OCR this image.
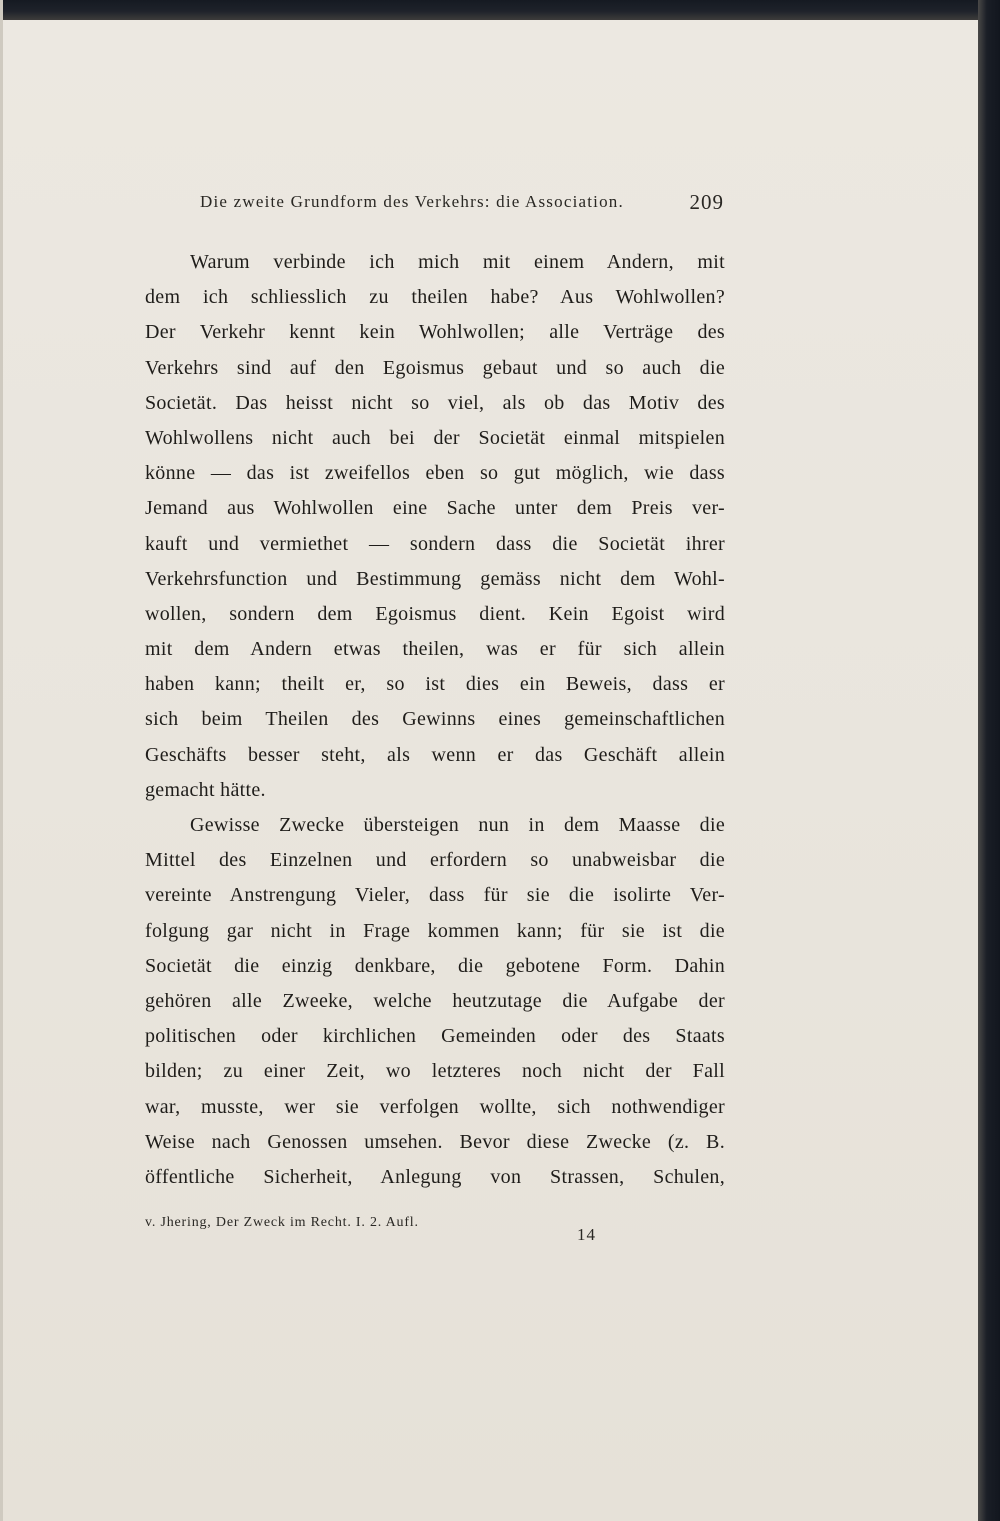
Die zweite Grundform des Verkehrs: die Association.	209
Warum verbinde ich mich mit einem Andern, mit
dem ich schliesslich zu theilen habe? Aus Wohlwollen?
Der Verkehr kennt kein Wohlwollen; alle Verträge des
Verkehrs sind auf den Egoismus gebaut und so auch die
Societät. Das heisst nicht so viel, als ob das Motiv des
Wohlwollens nicht auch bei der Societät einmal mitspielen
könne — das ist zweifellos eben so gut möglich, wie dass
Jemand aus Wohlwollen eine Sache unter dem Preis ver-
kauft und vermiethet — sondern dass die Societät ihrer
Verkehrsfunction und Bestimmung gemäss nicht dem Wohl-
wollen, sondern dem Egoismus dient. Kein Egoist wird
mit dem Andern etwas theilen, was er für sich allein
haben kann; theilt er, so ist dies ein Beweis, dass er
sich beim Theilen des Gewinns eines gemeinschaftlichen
Geschäfts besser steht, als wenn er das Geschäft allein
gemacht hätte.
Gewisse Zwecke übersteigen nun in dem Maasse die
Mittel des Einzelnen und erfordern so unabweisbar die
vereinte Anstrengung Vieler, dass für sie die isolirte Ver-
folgung gar nicht in Frage kommen kann; für sie ist die
Societät die einzig denkbare, die gebotene Form. Dahin
gehören alle Zweeke, welche heutzutage die Aufgabe der
politischen oder kirchlichen Gemeinden oder des Staats
bilden; zu einer Zeit, wo letzteres noch nicht der Fall
war, musste, wer sie verfolgen wollte, sich nothwendiger
Weise nach Genossen umsehen. Bevor diese Zwecke (z. B.
öffentliche Sicherheit, Anlegung von Strassen, Schulen,
v. Jhering, Der Zweck im Recht. I. 2. Aufl.
14
